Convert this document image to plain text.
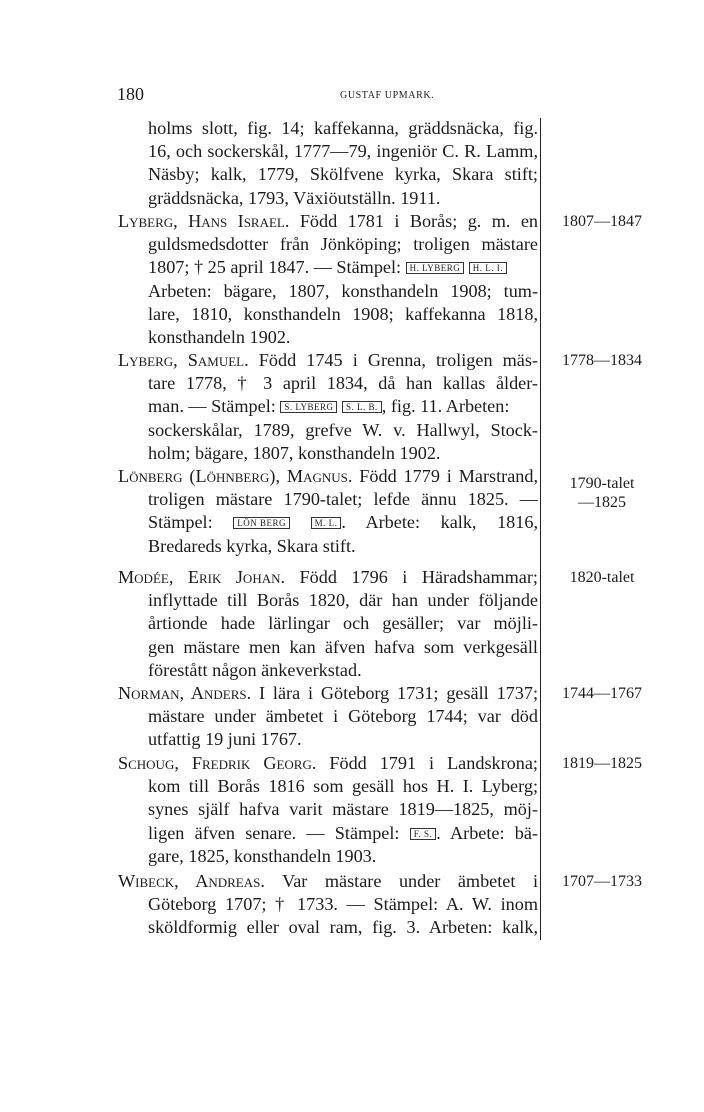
180	GUSTAF UPMARK.
holms slott, fig. 14; kaffekanna, gräddsnäcka, fig.
16, och sockerskål, 1777—79, ingeniör C. R. Lamm,
Näsby; kalk, 1779, Skölfvene kyrka, Skara stift;
gräddsnäcka, 1793, Växiöutställn. 1911.
Lyberg, Hans Israel. Född 1781 i Borås; g. m. en
guldsmedsdotter från Jönköping; troligen mästare
1807; † 25 april 1847. — Stämpel: H. LYBERG H. L. I.
Arbeten: bägare, 1807, konsthandeln 1908; tum-
lare, 1810, konsthandeln 1908; kaffekanna 1818,
konsthandeln 1902.
1807—1847
Lyberg, Samuel. Född 1745 i Grenna, troligen mäs-
tare 1778, † 3 april 1834, då han kallas ålder-
man. — Stämpel: S. LYBERG S. L. B. , fig. 11. Arbeten:
sockerskålar, 1789, grefve W. v. Hallwyl, Stock-
holm; bägare, 1807, konsthandeln 1902.
1778—1834
Lönberg (Löhnberg), Magnus. Född 1779 i Marstrand,
troligen mästare 1790-talet; lefde ännu 1825. —
Stämpel: LÖN BERG	M. L. . Arbete: kalk, 1816,
Bredareds kyrka, Skara stift.
1790-talet
—1825
Modée, Erik Johan. Född 1796 i Häradshammar;
inflyttade till Borås 1820, där han under följande
årtionde hade lärlingar och gesäller; var möjli-
gen mästare men kan äfven hafva som verkgesäll
förestått någon änkeverkstad.
1820-talet
Norman, Anders. I lära i Göteborg 1731; gesäll 1737;
mästare under ämbetet i Göteborg 1744; var död
utfattig 19 juni 1767.
1744—1767
Schoug, Fredrik Georg. Född 1791 i Landskrona;
kom till Borås 1816 som gesäll hos H. I. Lyberg;
synes själf hafva varit mästare 1819—1825, möj-
ligen äfven senare. — Stämpel: F. S. . Arbete: bä-
gare, 1825, konsthandeln 1903.
1819—1825
Wibeck, Andreas. Var mästare under ämbetet i
Göteborg 1707; † 1733. — Stämpel: A. W. inom
sköldformig eller oval ram, fig. 3. Arbeten: kalk,
1707—1733
